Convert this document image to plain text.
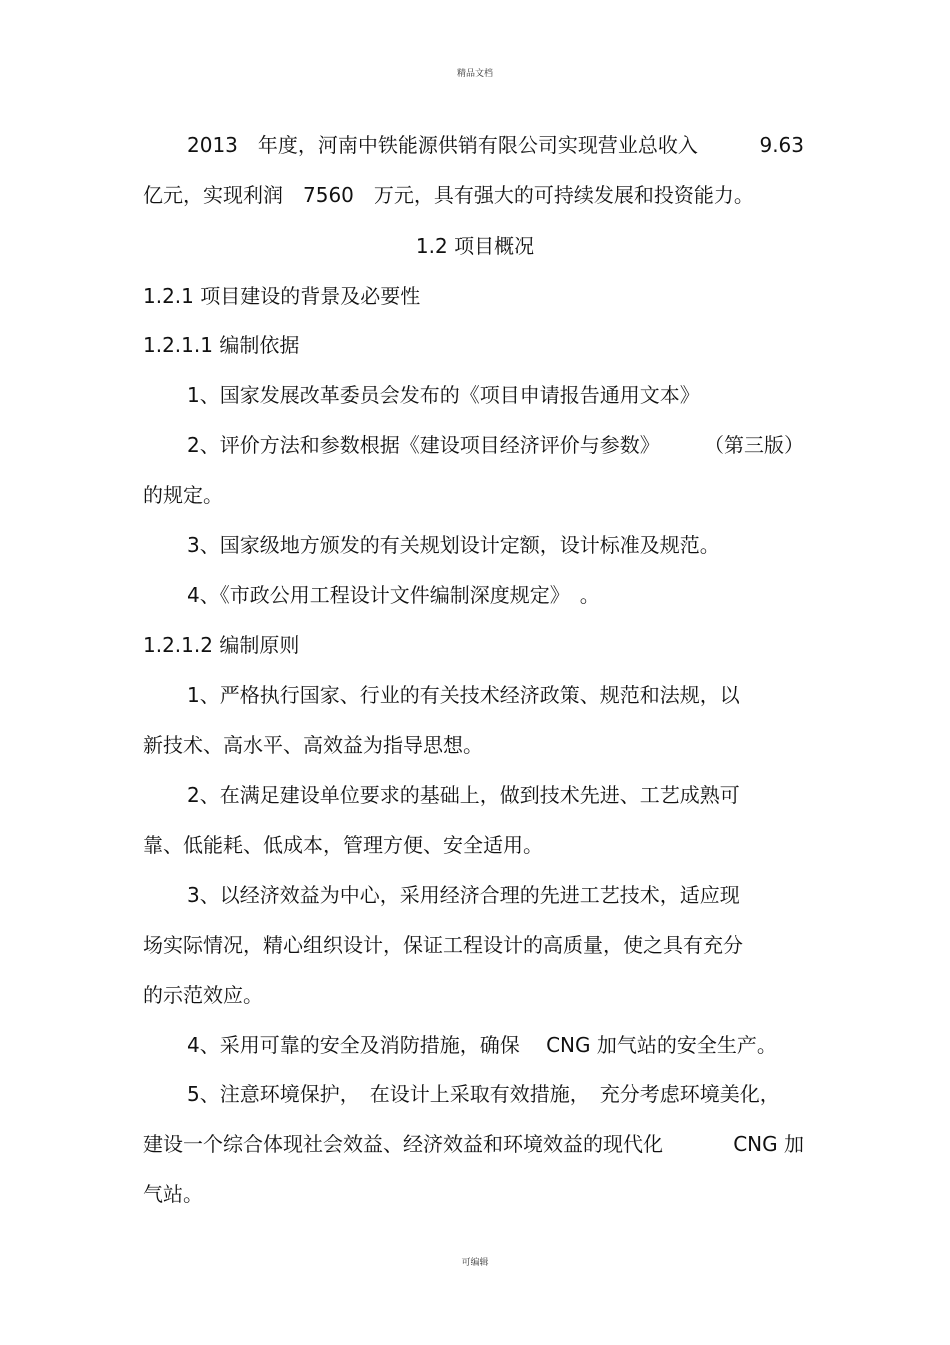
精品文档
2013　年度，河南中铁能源供销有限公司实现营业总收入	9.63
亿元，实现利润　7560　万元，具有强大的可持续发展和投资能力。
1.2 项目概况
1.2.1 项目建设的背景及必要性
1.2.1.1 编制依据
1、国家发展改革委员会发布的《项目申请报告通用文本》
2、评价方法和参数根据《建设项目经济评价与参数》 （第三版）
的规定。
3、国家级地方颁发的有关规划设计定额，设计标准及规范。
4、《市政公用工程设计文件编制深度规定》　。
1.2.1.2 编制原则
1、严格执行国家、行业的有关技术经济政策、规范和法规，以
新技术、高水平、高效益为指导思想。
2、在满足建设单位要求的基础上，做到技术先进、工艺成熟可
靠、低能耗、低成本，管理方便、安全适用。
3、以经济效益为中心，采用经济合理的先进工艺技术，适应现
场实际情况，精心组织设计，保证工程设计的高质量，使之具有充分
的示范效应。
4、采用可靠的安全及消防措施，确保　 CNG 加气站的安全生产。
5、注意环境保护，　在设计上采取有效措施，　充分考虑环境美化，
建设一个综合体现社会效益、经济效益和环境效益的现代化	CNG 加
气站。
可编辑
